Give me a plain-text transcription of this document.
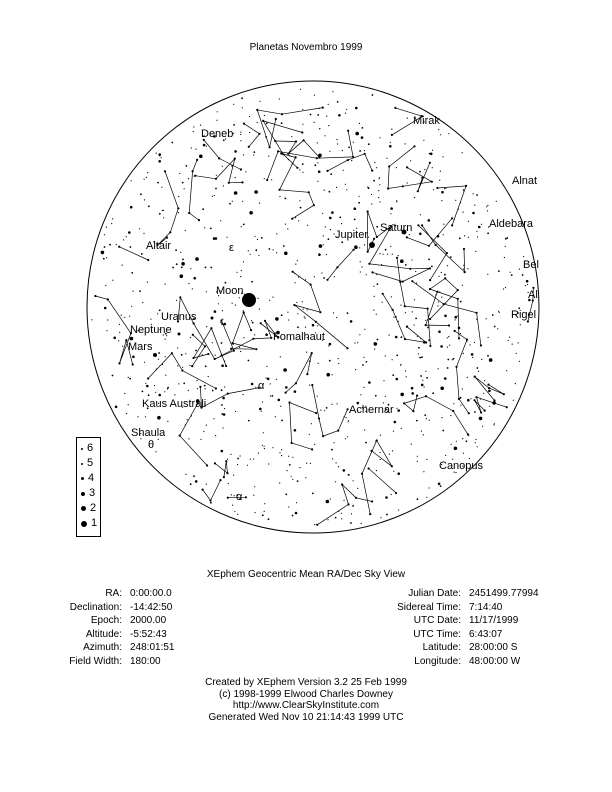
Planetas Novembro 1999
Deneb
Mirak
Alnat
Saturn
Jupiter
Aldebara
Altair
Bel
Al
Rigel
Moon
Uranus
Neptune
Mars
Fomalhaut
Kaus Australi	Achernar
Shaula
Canopus
θ
α
α
ε
6
5
4
3
2
1
XEphem Geocentric Mean RA/Dec Sky View
RA: 0:00:00.0
Declination: -14:42:50
Epoch: 2000.00
Altitude: -5:52:43
Azimuth: 248:01:51
Field Width: 180:00
Julian Date: 2451499.77994
Sidereal Time: 7:14:40
UTC Date: 11/17/1999
UTC Time: 6:43:07
Latitude: 28:00:00 S
Longitude: 48:00:00 W
Created by XEphem Version 3.2 25 Feb 1999
(c) 1998-1999 Elwood Charles Downey
http://www.ClearSkyInstitute.com
Generated Wed Nov 10 21:14:43 1999 UTC
